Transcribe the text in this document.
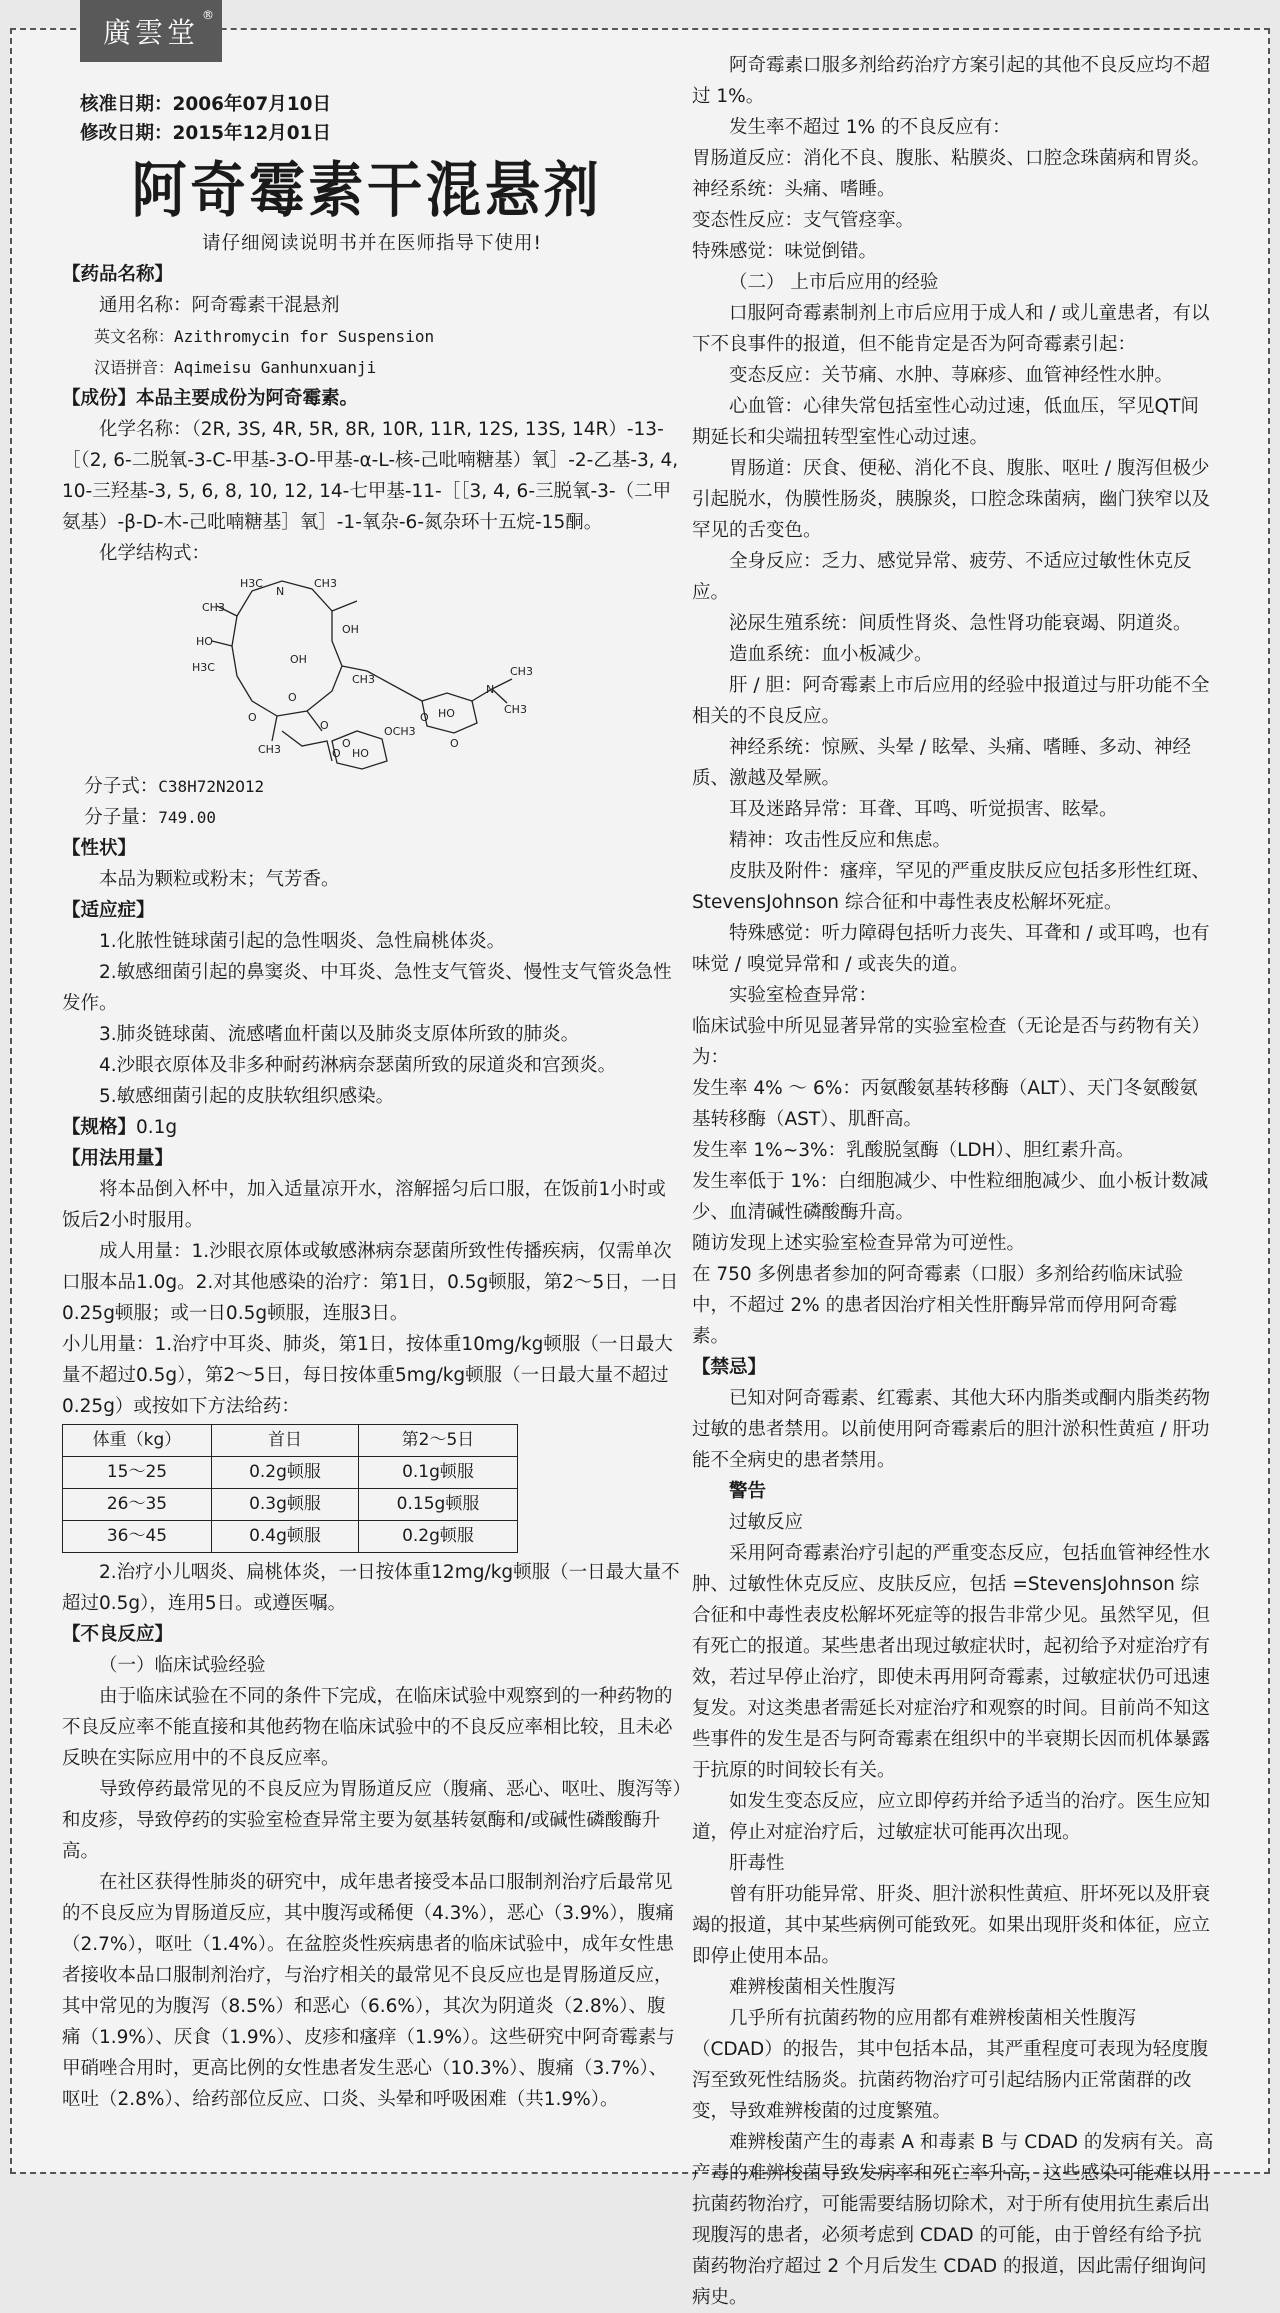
廣雲堂
®
核准日期：2006年07月10日
修改日期：2015年12月01日
阿奇霉素干混悬剂
请仔细阅读说明书并在医师指导下使用!
【药品名称】
通用名称：阿奇霉素干混悬剂
英文名称：Azithromycin for Suspension
汉语拼音：Aqimeisu Ganhunxuanji
【成份】本品主要成份为阿奇霉素。
化学名称：（2R, 3S, 4R, 5R, 8R, 10R, 11R, 12S, 13S, 14R）-13-［（2, 6-二脱氧-3-C-甲基-3-O-甲基-α-L-核-己吡喃糖基）氧］-2-乙基-3, 4, 10-三羟基-3, 5, 6, 8, 10, 12, 14-七甲基-11-［［3, 4, 6-三脱氧-3-（二甲氨基）-β-D-木-己吡喃糖基］氧］-1-氧杂-6-氮杂环十五烷-15酮。
化学结构式：
H3C
N
CH3
CH3
OH
HO
OH
H3C
CH3
O
O
O
CH3	O
OCH3
O
HO
O HO
N
CH3
O
CH3
分子式：C38H72N2O12
分子量：749.00
【性状】
本品为颗粒或粉末；气芳香。
【适应症】
1.化脓性链球菌引起的急性咽炎、急性扁桃体炎。
2.敏感细菌引起的鼻窦炎、中耳炎、急性支气管炎、慢性支气管炎急性发作。
3.肺炎链球菌、流感嗜血杆菌以及肺炎支原体所致的肺炎。
4.沙眼衣原体及非多种耐药淋病奈瑟菌所致的尿道炎和宫颈炎。
5.敏感细菌引起的皮肤软组织感染。
【规格】0.1g
【用法用量】
将本品倒入杯中，加入适量凉开水，溶解摇匀后口服，在饭前1小时或饭后2小时服用。
成人用量：1.沙眼衣原体或敏感淋病奈瑟菌所致性传播疾病，仅需单次口服本品1.0g。2.对其他感染的治疗：第1日，0.5g顿服，第2～5日，一日0.25g顿服；或一日0.5g顿服，连服3日。
小儿用量：1.治疗中耳炎、肺炎，第1日，按体重10mg/kg顿服（一日最大量不超过0.5g），第2～5日，每日按体重5mg/kg顿服（一日最大量不超过0.25g）或按如下方法给药：
体重（kg）	首日	第2～5日
15～25	0.2g顿服	0.1g顿服
26～35	0.3g顿服	0.15g顿服
36～45	0.4g顿服	0.2g顿服
2.治疗小儿咽炎、扁桃体炎，一日按体重12mg/kg顿服（一日最大量不超过0.5g），连用5日。或遵医嘱。
【不良反应】
（一）临床试验经验
由于临床试验在不同的条件下完成，在临床试验中观察到的一种药物的不良反应率不能直接和其他药物在临床试验中的不良反应率相比较，且未必反映在实际应用中的不良反应率。
导致停药最常见的不良反应为胃肠道反应（腹痛、恶心、呕吐、腹泻等）和皮疹，导致停药的实验室检查异常主要为氨基转氨酶和/或碱性磷酸酶升高。
在社区获得性肺炎的研究中，成年患者接受本品口服制剂治疗后最常见的不良反应为胃肠道反应，其中腹泻或稀便（4.3%），恶心（3.9%），腹痛（2.7%），呕吐（1.4%）。在盆腔炎性疾病患者的临床试验中，成年女性患者接收本品口服制剂治疗，与治疗相关的最常见不良反应也是胃肠道反应，其中常见的为腹泻（8.5%）和恶心（6.6%），其次为阴道炎（2.8%）、腹痛（1.9%）、厌食（1.9%）、皮疹和瘙痒（1.9%）。这些研究中阿奇霉素与甲硝唑合用时，更高比例的女性患者发生恶心（10.3%）、腹痛（3.7%）、呕吐（2.8%）、给药部位反应、口炎、头晕和呼吸困难（共1.9%）。
阿奇霉素口服多剂给药治疗方案引起的其他不良反应均不超过 1%。
发生率不超过 1% 的不良反应有：
胃肠道反应：消化不良、腹胀、粘膜炎、口腔念珠菌病和胃炎。
神经系统：头痛、嗜睡。
变态性反应：支气管痉挛。
特殊感觉：味觉倒错。
（二） 上市后应用的经验
口服阿奇霉素制剂上市后应用于成人和 / 或儿童患者，有以下不良事件的报道，但不能肯定是否为阿奇霉素引起：
变态反应：关节痛、水肿、荨麻疹、血管神经性水肿。
心血管：心律失常包括室性心动过速，低血压，罕见QT间期延长和尖端扭转型室性心动过速。
胃肠道：厌食、便秘、消化不良、腹胀、呕吐 / 腹泻但极少引起脱水，伪膜性肠炎，胰腺炎，口腔念珠菌病，幽门狭窄以及罕见的舌变色。
全身反应：乏力、感觉异常、疲劳、不适应过敏性休克反应。
泌尿生殖系统：间质性肾炎、急性肾功能衰竭、阴道炎。
造血系统：血小板减少。
肝 / 胆：阿奇霉素上市后应用的经验中报道过与肝功能不全相关的不良反应。
神经系统：惊厥、头晕 / 眩晕、头痛、嗜睡、多动、神经质、激越及晕厥。
耳及迷路异常：耳聋、耳鸣、听觉损害、眩晕。
精神：攻击性反应和焦虑。
皮肤及附件：瘙痒，罕见的严重皮肤反应包括多形性红斑、StevensJohnson 综合征和中毒性表皮松解坏死症。
特殊感觉：听力障碍包括听力丧失、耳聋和 / 或耳鸣，也有味觉 / 嗅觉异常和 / 或丧失的道。
实验室检查异常：
临床试验中所见显著异常的实验室检查（无论是否与药物有关）为：
发生率 4% ～ 6%：丙氨酸氨基转移酶（ALT）、天门冬氨酸氨基转移酶（AST）、肌酐高。
发生率 1%~3%：乳酸脱氢酶（LDH）、胆红素升高。
发生率低于 1%：白细胞减少、中性粒细胞减少、血小板计数减少、血清碱性磷酸酶升高。
随访发现上述实验室检查异常为可逆性。
在 750 多例患者参加的阿奇霉素（口服）多剂给药临床试验中，不超过 2% 的患者因治疗相关性肝酶异常而停用阿奇霉素。
【禁忌】
已知对阿奇霉素、红霉素、其他大环内脂类或酮内脂类药物过敏的患者禁用。以前使用阿奇霉素后的胆汁淤积性黄疸 / 肝功能不全病史的患者禁用。
警告
过敏反应
采用阿奇霉素治疗引起的严重变态反应，包括血管神经性水肿、过敏性休克反应、皮肤反应，包括 =StevensJohnson 综合征和中毒性表皮松解坏死症等的报告非常少见。虽然罕见，但有死亡的报道。某些患者出现过敏症状时，起初给予对症治疗有效，若过早停止治疗，即使未再用阿奇霉素，过敏症状仍可迅速复发。对这类患者需延长对症治疗和观察的时间。目前尚不知这些事件的发生是否与阿奇霉素在组织中的半衰期长因而机体暴露于抗原的时间较长有关。
如发生变态反应，应立即停药并给予适当的治疗。医生应知道，停止对症治疗后，过敏症状可能再次出现。
肝毒性
曾有肝功能异常、肝炎、胆汁淤积性黄疸、肝坏死以及肝衰竭的报道，其中某些病例可能致死。如果出现肝炎和体征，应立即停止使用本品。
难辨梭菌相关性腹泻
几乎所有抗菌药物的应用都有难辨梭菌相关性腹泻（CDAD）的报告，其中包括本品，其严重程度可表现为轻度腹泻至致死性结肠炎。抗菌药物治疗可引起结肠内正常菌群的改变，导致难辨梭菌的过度繁殖。
难辨梭菌产生的毒素 A 和毒素 B 与 CDAD 的发病有关。高产毒的难辨梭菌导致发病率和死亡率升高，这些感染可能难以用抗菌药物治疗，可能需要结肠切除术，对于所有使用抗生素后出现腹泻的患者，必须考虑到 CDAD 的可能，由于曾经有给予抗菌药物治疗超过 2 个月后发生 CDAD 的报道，因此需仔细询问病史。
